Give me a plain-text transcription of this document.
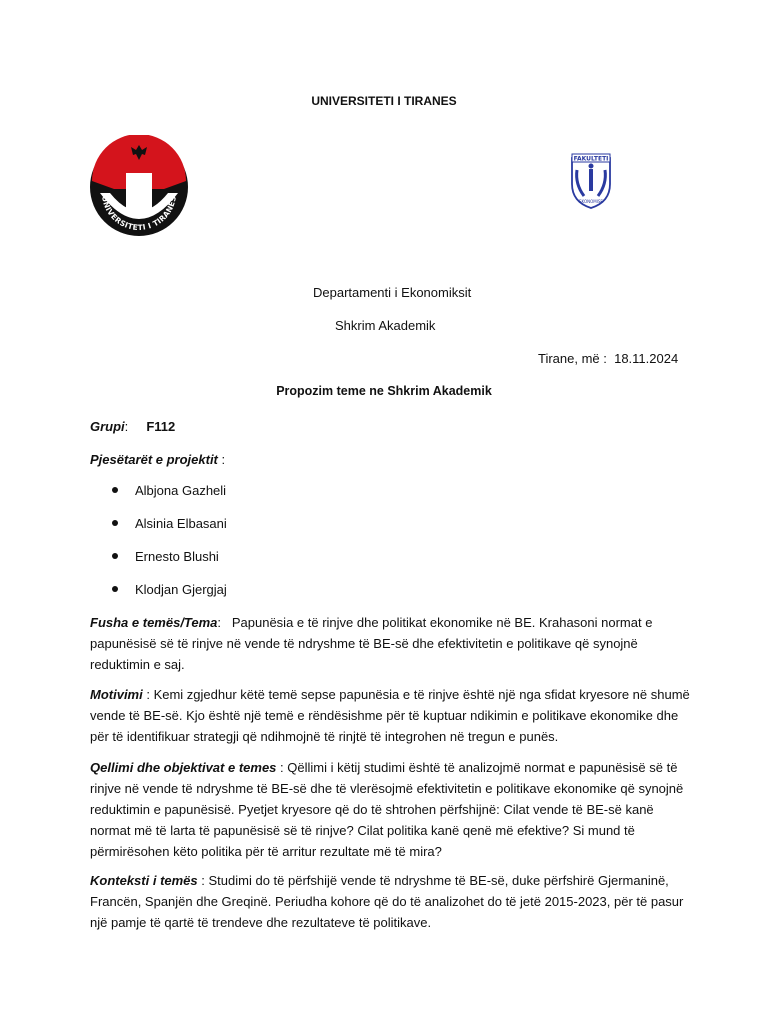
UNIVERSITETI I TIRANES
UNIVERSITETI I TIRANËS
FAKULTETI
EKONOMISE
Departamenti i Ekonomiksit
Shkrim Akademik
Tirane, më :  18.11.2024
Propozim teme ne Shkrim Akademik
Grupi:     F112
Pjesëtarët e projektit :
Albjona Gazheli
Alsinia Elbasani
Ernesto Blushi
Klodjan Gjergjaj
Fusha e temës/Tema:   Papunësia e të rinjve dhe politikat ekonomike në BE. Krahasoni normat e papunësisë së të rinjve në vende të ndryshme të BE-së dhe efektivitetin e politikave që synojnë reduktimin e saj.
Motivimi : Kemi zgjedhur këtë temë sepse papunësia e të rinjve është një nga sfidat kryesore në shumë vende të BE-së. Kjo është një temë e rëndësishme për të kuptuar ndikimin e politikave ekonomike dhe për të identifikuar strategji që ndihmojnë të rinjtë të integrohen në tregun e punës.
Qellimi dhe objektivat e temes : Qëllimi i këtij studimi është të analizojmë normat e papunësisë së të rinjve në vende të ndryshme të BE-së dhe të vlerësojmë efektivitetin e politikave ekonomike që synojnë reduktimin e papunësisë. Pyetjet kryesore që do të shtrohen përfshijnë: Cilat vende të BE-së kanë normat më të larta të papunësisë së të rinjve? Cilat politika kanë qenë më efektive? Si mund të përmirësohen këto politika për të arritur rezultate më të mira?
Konteksti i temës : Studimi do të përfshijë vende të ndryshme të BE-së, duke përfshirë Gjermaninë, Francën, Spanjën dhe Greqinë. Periudha kohore që do të analizohet do të jetë 2015-2023, për të pasur një pamje të qartë të trendeve dhe rezultateve të politikave.
